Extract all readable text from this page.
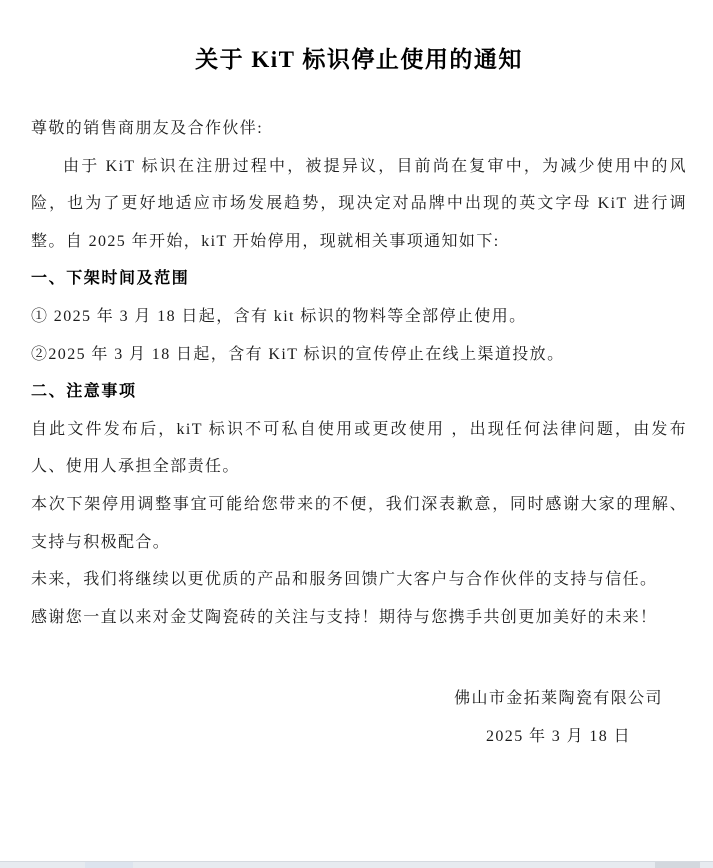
关于 KiT 标识停止使用的通知

尊敬的销售商朋友及合作伙伴:

由于 KiT 标识在注册过程中，被提异议，目前尚在复审中，为减少使用中的风险，也为了更好地适应市场发展趋势，现决定对品牌中出现的英文字母 KiT 进行调整。自 2025 年开始，kiT 开始停用，现就相关事项通知如下:

一、下架时间及范围

① 2025 年 3 月 18 日起，含有 kit 标识的物料等全部停止使用。

②2025 年 3 月 18 日起，含有 KiT 标识的宣传停止在线上渠道投放。

二、注意事项

自此文件发布后，kiT 标识不可私自使用或更改使用 ，出现任何法律问题，由发布人、使用人承担全部责任。

本次下架停用调整事宜可能给您带来的不便，我们深表歉意，同时感谢大家的理解、支持与积极配合。

未来，我们将继续以更优质的产品和服务回馈广大客户与合作伙伴的支持与信任。

感谢您一直以来对金艾陶瓷砖的关注与支持！期待与您携手共创更加美好的未来！

佛山市金拓莱陶瓷有限公司

2025 年 3 月 18 日
